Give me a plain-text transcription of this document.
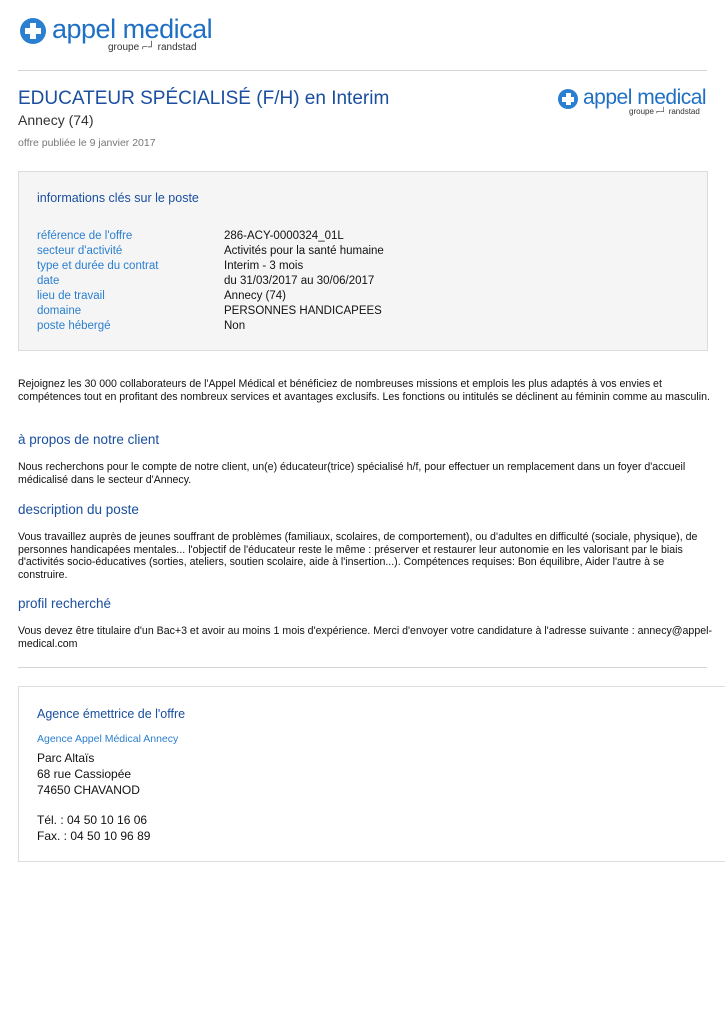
appel medical
groupe ⌐┘ randstad
EDUCATEUR SPÉCIALISÉ (F/H) en Interim
Annecy (74)
offre publiée le 9 janvier 2017
appel medical
groupe ⌐┘ randstad
informations clés sur le poste
référence de l'offre	286-ACY-0000324_01L
secteur d'activité	Activités pour la santé humaine
type et durée du contrat	Interim - 3 mois
date	du 31/03/2017 au 30/06/2017
lieu de travail	Annecy (74)
domaine	PERSONNES HANDICAPEES
poste hébergé	Non
Rejoignez les 30 000 collaborateurs de l'Appel Médical et bénéficiez de nombreuses missions et emplois les plus adaptés à vos envies et compétences tout en profitant des nombreux services et avantages exclusifs. Les fonctions ou intitulés se déclinent au féminin comme au masculin.
à propos de notre client
Nous recherchons pour le compte de notre client, un(e) éducateur(trice) spécialisé h/f, pour effectuer un remplacement dans un foyer d'accueil médicalisé dans le secteur d'Annecy.
description du poste
Vous travaillez auprès de jeunes souffrant de problèmes (familiaux, scolaires, de comportement), ou d'adultes en difficulté (sociale, physique), de personnes handicapées mentales... l'objectif de l'éducateur reste le même : préserver et restaurer leur autonomie en les valorisant par le biais d'activités socio-éducatives (sorties, ateliers, soutien scolaire, aide à l'insertion...). Compétences requises: Bon équilibre, Aider l'autre à se construire.
profil recherché
Vous devez être titulaire d'un Bac+3 et avoir au moins 1 mois d'expérience. Merci d'envoyer votre candidature à l'adresse suivante : annecy@appel-medical.com
Agence émettrice de l'offre
Agence Appel Médical Annecy
Parc Altaïs
68 rue Cassiopée
74650 CHAVANOD
Tél. : 04 50 10 16 06
Fax. : 04 50 10 96 89
